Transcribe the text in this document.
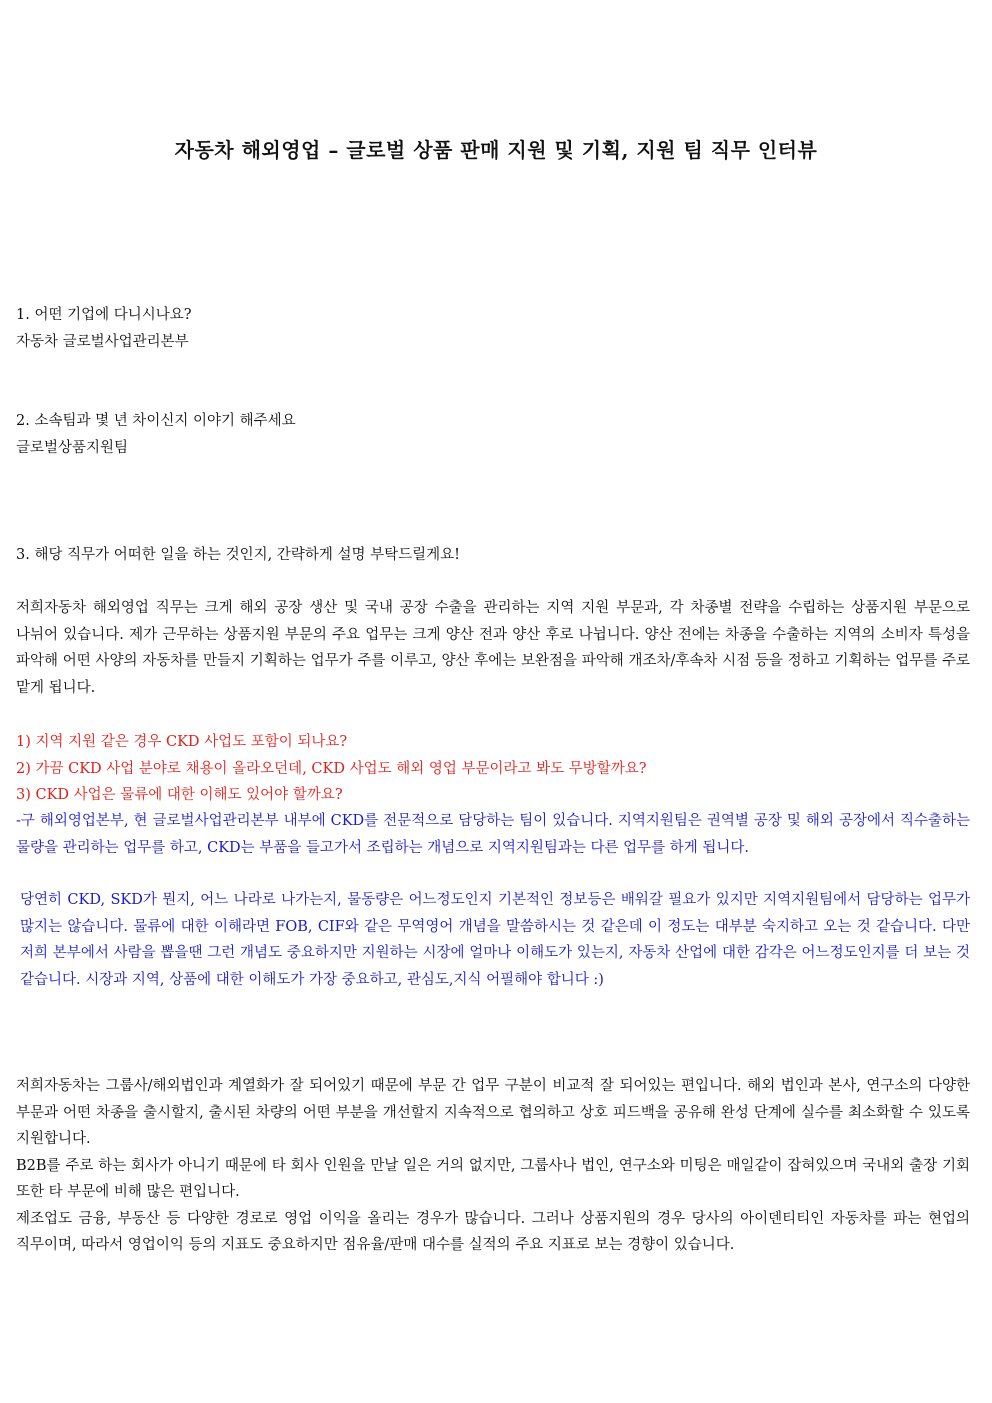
자동차 해외영업 – 글로벌 상품 판매 지원 및 기획, 지원 팀 직무 인터뷰
1. 어떤 기업에 다니시나요?
자동차 글로벌사업관리본부
2. 소속팀과 몇 년 차이신지 이야기 해주세요
글로벌상품지원팀
3. 해당 직무가 어떠한 일을 하는 것인지, 간략하게 설명 부탁드릴게요!
저희자동차 해외영업 직무는 크게 해외 공장 생산 및 국내 공장 수출을 관리하는 지역 지원 부문과, 각 차종별 전략을 수립하는 상품지원 부문으로 나뉘어 있습니다. 제가 근무하는 상품지원 부문의 주요 업무는 크게 양산 전과 양산 후로 나뉩니다. 양산 전에는 차종을 수출하는 지역의 소비자 특성을 파악해 어떤 사양의 자동차를 만들지 기획하는 업무가 주를 이루고, 양산 후에는 보완점을 파악해 개조차/후속차 시점 등을 정하고 기획하는 업무를 주로 맡게 됩니다.
1) 지역 지원 같은 경우 CKD 사업도 포함이 되나요?
2) 가끔 CKD 사업 분야로 채용이 올라오던데, CKD 사업도 해외 영업 부문이라고 봐도 무방할까요?
3) CKD 사업은 물류에 대한 이해도 있어야 할까요?
-구 해외영업본부, 현 글로벌사업관리본부 내부에 CKD를 전문적으로 담당하는 팀이 있습니다. 지역지원팀은 권역별 공장 및 해외 공장에서 직수출하는 물량을 관리하는 업무를 하고, CKD는 부품을 들고가서 조립하는 개념으로 지역지원팀과는 다른 업무를 하게 됩니다.
당연히 CKD, SKD가 뭔지, 어느 나라로 나가는지, 물동량은 어느정도인지 기본적인 정보등은 배워갈 필요가 있지만 지역지원팀에서 담당하는 업무가 많지는 않습니다. 물류에 대한 이해라면 FOB, CIF와 같은 무역영어 개념을 말씀하시는 것 같은데 이 정도는 대부분 숙지하고 오는 것 같습니다. 다만 저희 본부에서 사람을 뽑을땐 그런 개념도 중요하지만 지원하는 시장에 얼마나 이해도가 있는지, 자동차 산업에 대한 감각은 어느정도인지를 더 보는 것 같습니다. 시장과 지역, 상품에 대한 이해도가 가장 중요하고, 관심도,지식 어필해야 합니다 :)
저희자동차는 그룹사/해외법인과 계열화가 잘 되어있기 때문에 부문 간 업무 구분이 비교적 잘 되어있는 편입니다. 해외 법인과 본사, 연구소의 다양한 부문과 어떤 차종을 출시할지, 출시된 차량의 어떤 부분을 개선할지 지속적으로 협의하고 상호 피드백을 공유해 완성 단계에 실수를 최소화할 수 있도록 지원합니다.
B2B를 주로 하는 회사가 아니기 때문에 타 회사 인원을 만날 일은 거의 없지만, 그룹사나 법인, 연구소와 미팅은 매일같이 잡혀있으며 국내외 출장 기회 또한 타 부문에 비해 많은 편입니다.
제조업도 금융, 부동산 등 다양한 경로로 영업 이익을 올리는 경우가 많습니다. 그러나 상품지원의 경우 당사의 아이덴티티인 자동차를 파는 현업의 직무이며, 따라서 영업이익 등의 지표도 중요하지만 점유율/판매 대수를 실적의 주요 지표로 보는 경향이 있습니다.
